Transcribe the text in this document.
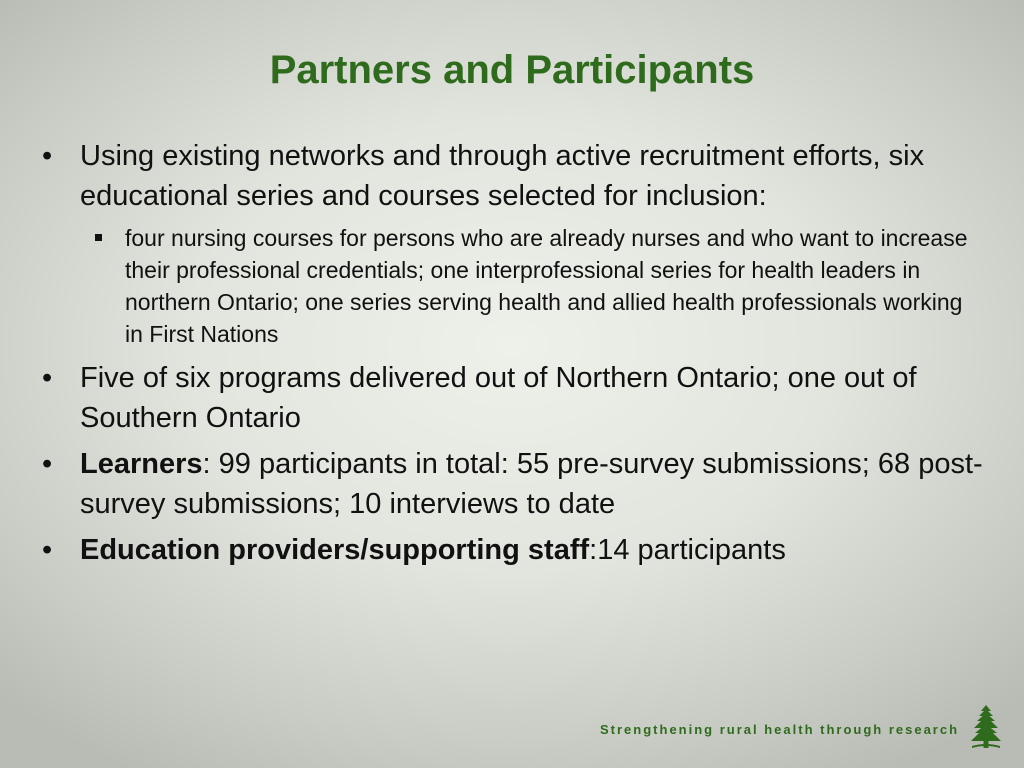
Partners and Participants
• Using existing networks and through active recruitment efforts, six educational series and courses selected for inclusion:
four nursing courses for persons who are already nurses and who want to increase their professional credentials; one interprofessional series for health leaders in northern Ontario; one series serving health and allied health professionals working in First Nations
• Five of six programs delivered out of Northern Ontario; one out of Southern Ontario
• Learners: 99 participants in total: 55 pre-survey submissions; 68 post-survey submissions; 10 interviews to date
• Education providers/supporting staff:14 participants
Strengthening rural health through research
